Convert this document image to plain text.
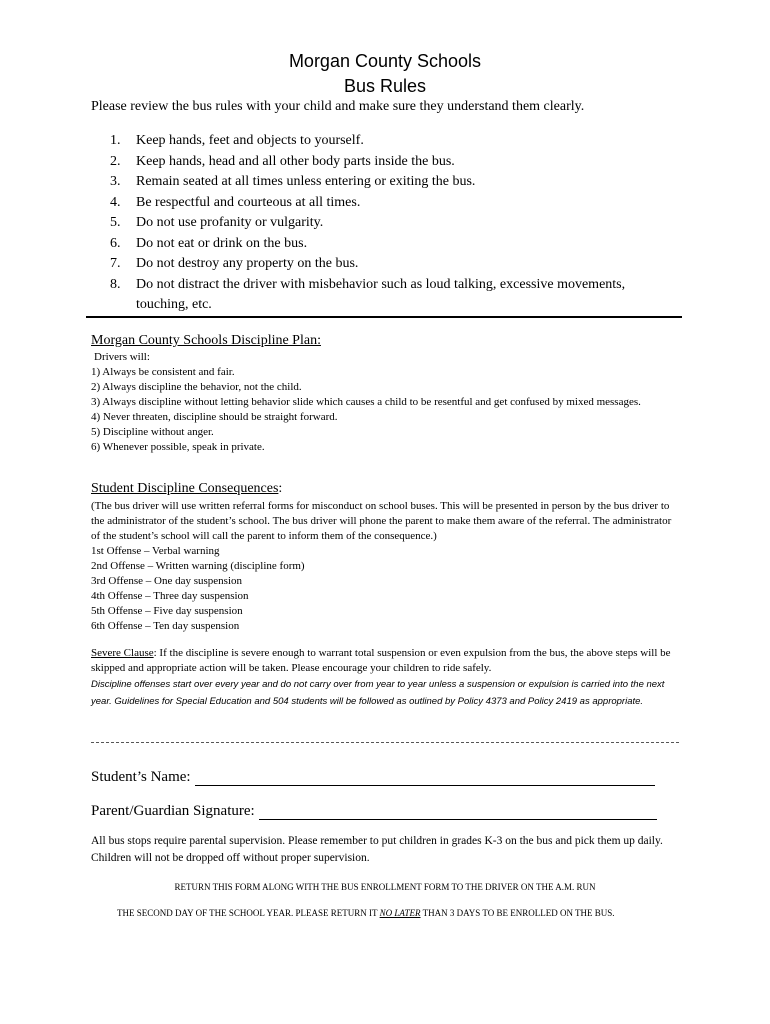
Morgan County Schools
Bus Rules
Please review the bus rules with your child and make sure they understand them clearly.
1.	Keep hands, feet and objects to yourself.
2.	Keep hands, head and all other body parts inside the bus.
3.	Remain seated at all times unless entering or exiting the bus.
4.	Be respectful and courteous at all times.
5.	Do not use profanity or vulgarity.
6.	Do not eat or drink on the bus.
7.	Do not destroy any property on the bus.
8.	Do not distract the driver with misbehavior such as loud talking, excessive movements, touching, etc.
Morgan County Schools Discipline Plan:
Drivers will:
1) Always be consistent and fair.
2) Always discipline the behavior, not the child.
3) Always discipline without letting behavior slide which causes a child to be resentful and get confused by mixed messages.
4) Never threaten, discipline should be straight forward.
5) Discipline without anger.
6) Whenever possible, speak in private.
Student Discipline Consequences:
(The bus driver will use written referral forms for misconduct on school buses. This will be presented in person by the bus driver to the administrator of the student’s school. The bus driver will phone the parent to make them aware of the referral. The administrator of the student’s school will call the parent to inform them of the consequence.)
1st Offense – Verbal warning
2nd Offense – Written warning (discipline form)
3rd Offense – One day suspension
4th Offense – Three day suspension
5th Offense – Five day suspension
6th Offense – Ten day suspension
Severe Clause: If the discipline is severe enough to warrant total suspension or even expulsion from the bus, the above steps will be skipped and appropriate action will be taken. Please encourage your children to ride safely.
Discipline offenses start over every year and do not carry over from year to year unless a suspension or expulsion is carried into the next year. Guidelines for Special Education and 504 students will be followed as outlined by Policy 4373 and Policy 2419 as appropriate.
Student’s Name:
Parent/Guardian Signature:
All bus stops require parental supervision. Please remember to put children in grades K-3 on the bus and pick them up daily. Children will not be dropped off without proper supervision.
RETURN THIS FORM ALONG WITH THE BUS ENROLLMENT FORM TO THE DRIVER ON THE A.M. RUN
THE SECOND DAY OF THE SCHOOL YEAR. PLEASE RETURN IT NO LATER THAN 3 DAYS TO BE ENROLLED ON THE BUS.
